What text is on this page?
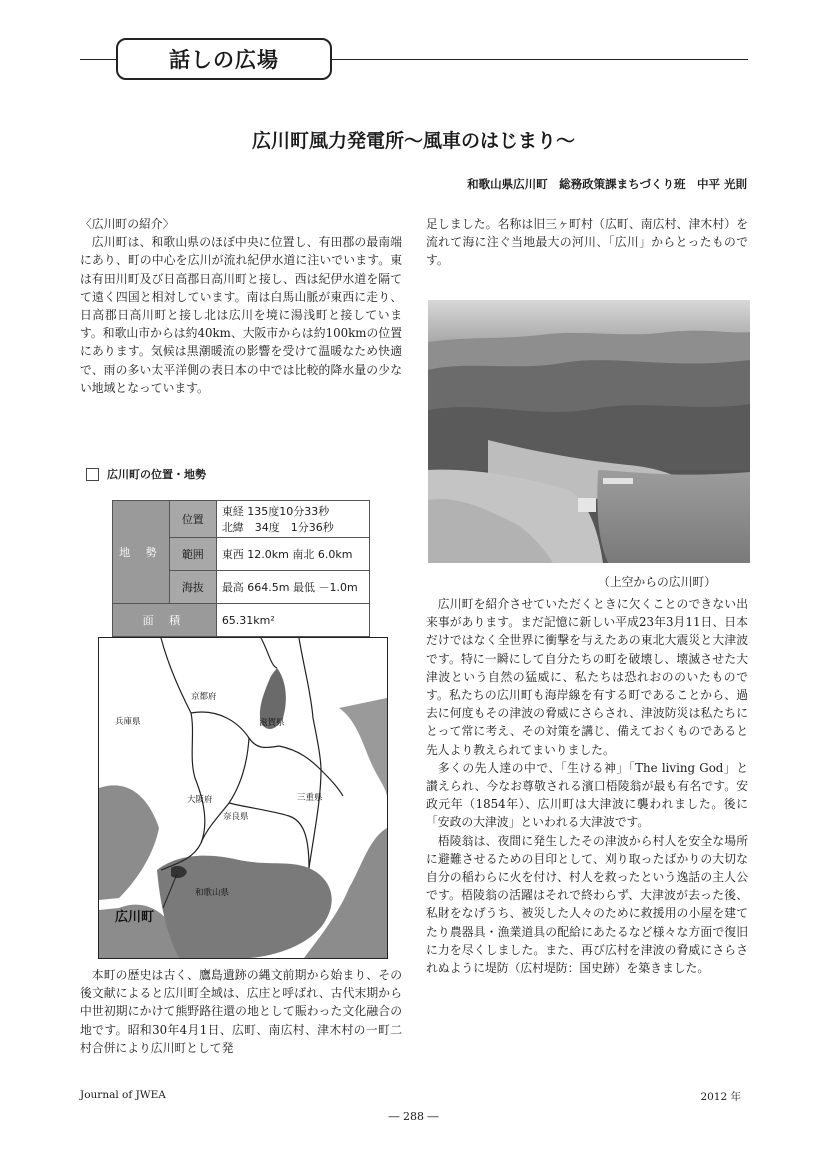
話しの広場
広川町風力発電所～風車のはじまり～
和歌山県広川町　総務政策課まちづくり班　中平 光則

〈広川町の紹介〉

広川町は、和歌山県のほぼ中央に位置し、有田郡の最南端にあり、町の中心を広川が流れ紀伊水道に注いでいます。東は有田川町及び日高郡日高川町と接し、西は紀伊水道を隔てて遠く四国と相対しています。南は白馬山脈が東西に走り、日高郡日高川町と接し北は広川を境に湯浅町と接しています。和歌山市からは約40km、大阪市からは約100kmの位置にあります。気候は黒潮暖流の影響を受けて温暖なため快適で、雨の多い太平洋側の表日本の中では比較的降水量の少ない地域となっています。

広川町の位置・地勢
地 勢	位置	東経 135度10分33秒
北緯　34度　1分36秒

	範囲	東西 12.0km 南北 6.0km
	海抜	最高 664.5m 最低 －1.0m
面 積		65.31km²
京都府
滋賀県
兵庫県
大阪府
奈良県
三重県
和歌山県
広川町

本町の歴史は古く、鷹島遺跡の縄文前期から始まり、その後文献によると広川町全域は、広庄と呼ばれ、古代末期から中世初期にかけて熊野路往還の地として賑わった文化融合の地です。昭和30年4月1日、広町、南広村、津木村の一町二村合併により広川町として発

足しました。名称は旧三ヶ町村（広町、南広村、津木村）を流れて海に注ぐ当地最大の河川、「広川」からとったものです。

（上空からの広川町）

広川町を紹介させていただくときに欠くことのできない出来事があります。まだ記憶に新しい平成23年3月11日、日本だけではなく全世界に衝撃を与えたあの東北大震災と大津波です。特に一瞬にして自分たちの町を破壊し、壊滅させた大津波という自然の猛威に、私たちは恐れおののいたものです。私たちの広川町も海岸線を有する町であることから、過去に何度もその津波の脅威にさらされ、津波防災は私たちにとって常に考え、その対策を講じ、備えておくものであると先人より教えられてまいりました。

多くの先人達の中で、「生ける神」「The living God」と讃えられ、今なお尊敬される濱口梧陵翁が最も有名です。安政元年（1854年）、広川町は大津波に襲われました。後に「安政の大津波」といわれる大津波です。

梧陵翁は、夜間に発生したその津波から村人を安全な場所に避難させるための目印として、刈り取ったばかりの大切な自分の稲わらに火を付け、村人を救ったという逸話の主人公です。梧陵翁の活躍はそれで終わらず、大津波が去った後、私財をなげうち、被災した人々のために救援用の小屋を建てたり農器具・漁業道具の配給にあたるなど様々な方面で復旧に力を尽くしました。また、再び広村を津波の脅威にさらされぬように堤防（広村堤防：国史跡）を築きました。

Journal of JWEA	2012 年
― 288 ―
